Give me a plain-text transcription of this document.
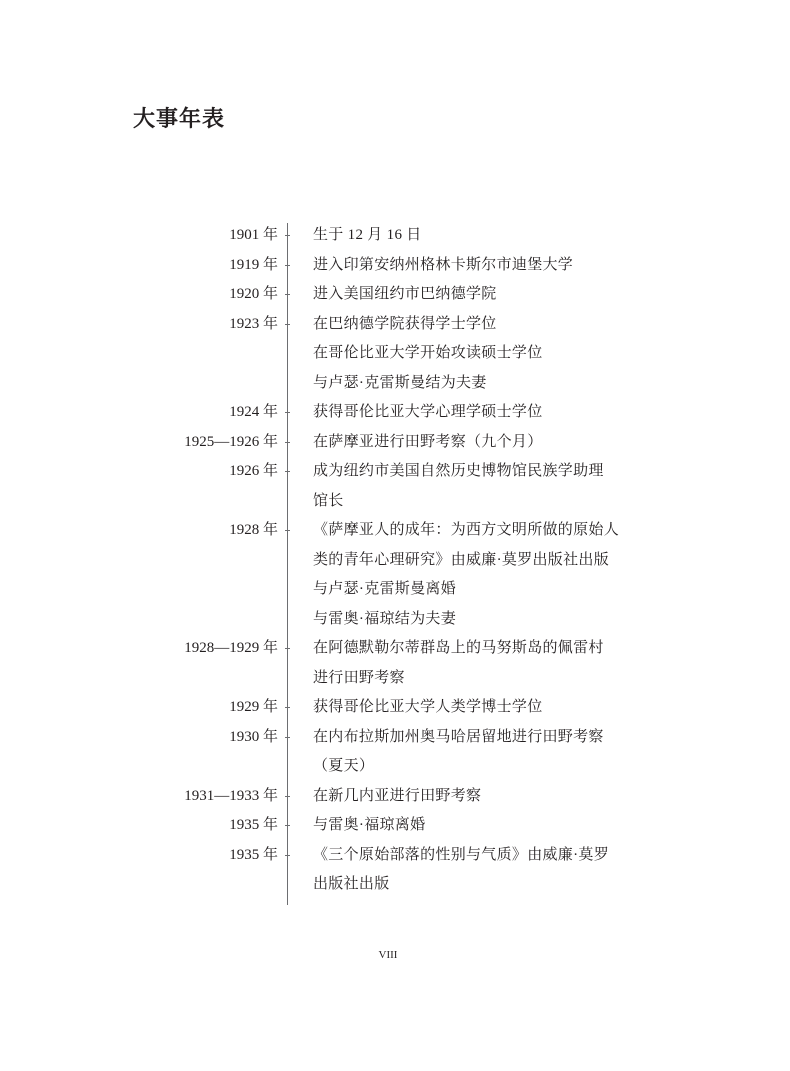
大事年表
1901 年 生于 12 月 16 日
1919 年 进入印第安纳州格林卡斯尔市迪堡大学
1920 年 进入美国纽约市巴纳德学院
1923 年 在巴纳德学院获得学士学位
在哥伦比亚大学开始攻读硕士学位
与卢瑟·克雷斯曼结为夫妻
1924 年 获得哥伦比亚大学心理学硕士学位
1925—1926 年 在萨摩亚进行田野考察（九个月）
1926 年 成为纽约市美国自然历史博物馆民族学助理
馆长
1928 年 《萨摩亚人的成年：为西方文明所做的原始人
类的青年心理研究》由威廉·莫罗出版社出版
与卢瑟·克雷斯曼离婚
与雷奥·福琼结为夫妻
1928—1929 年 在阿德默勒尔蒂群岛上的马努斯岛的佩雷村
进行田野考察
1929 年 获得哥伦比亚大学人类学博士学位
1930 年 在内布拉斯加州奥马哈居留地进行田野考察
（夏天）
1931—1933 年 在新几内亚进行田野考察
1935 年 与雷奥·福琼离婚
1935 年 《三个原始部落的性别与气质》由威廉·莫罗
出版社出版
VIII
